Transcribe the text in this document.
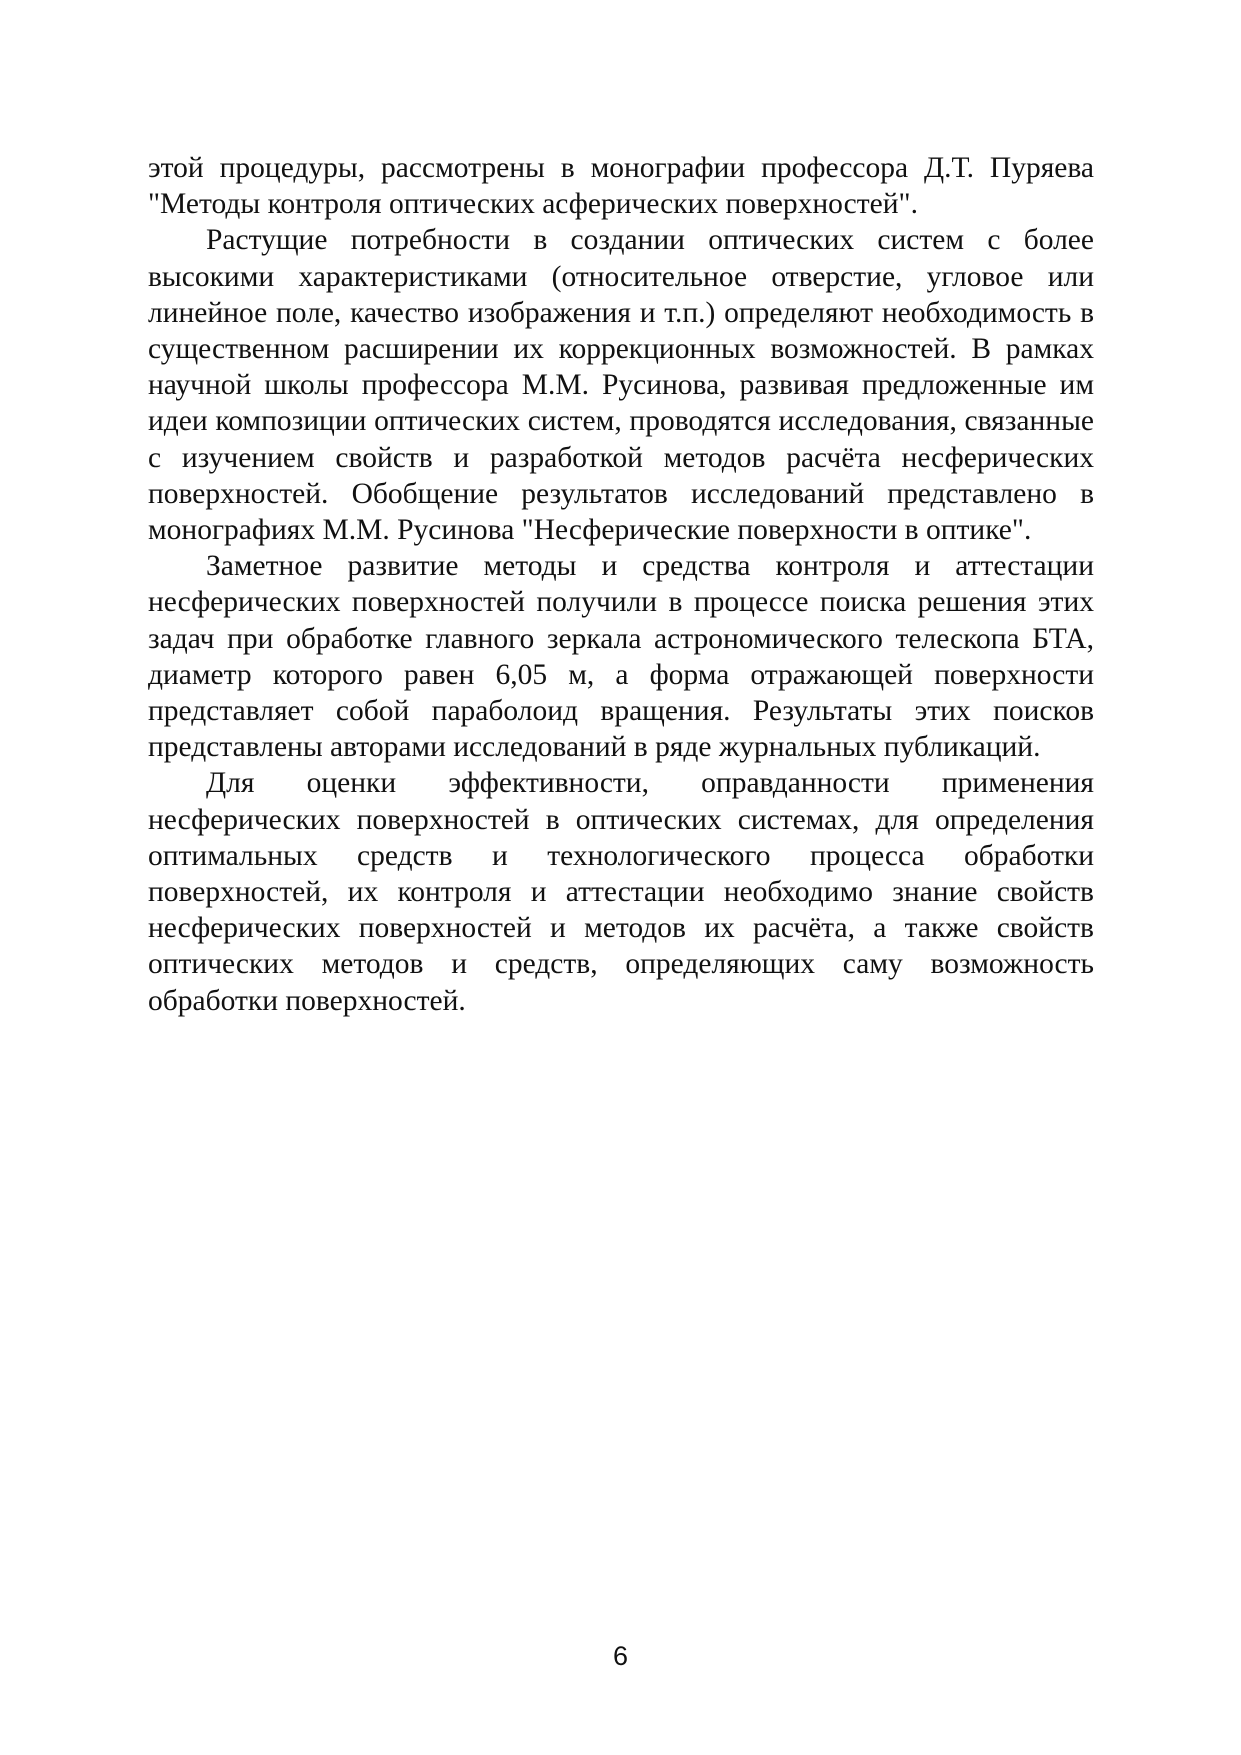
этой процедуры, рассмотрены в монографии профессора Д.Т. Пуряева "Методы контроля оптических асферических поверхностей".

Растущие потребности в создании оптических систем с более высокими характеристиками (относительное отверстие, угловое или линейное поле, качество изображения и т.п.) определяют необходимость в существенном расширении их коррекционных возможностей. В рамках научной школы профессора М.М. Русинова, развивая предложенные им идеи композиции оптических систем, проводятся исследования, связанные с изучением свойств и разработкой методов расчёта несферических поверхностей. Обобщение результатов исследований представлено в монографиях М.М. Русинова "Несферические поверхности в оптике".

Заметное развитие методы и средства контроля и аттестации несферических поверхностей получили в процессе поиска решения этих задач при обработке главного зеркала астрономического телескопа БТА, диаметр которого равен 6,05 м, а форма отражающей поверхности представляет собой параболоид вращения. Результаты этих поисков представлены авторами исследований в ряде журнальных публикаций.

Для оценки эффективности, оправданности применения несферических поверхностей в оптических системах, для определения оптимальных средств и технологического процесса обработки поверхностей, их контроля и аттестации необходимо знание свойств несферических поверхностей и методов их расчёта, а также свойств оптических методов и средств, определяющих саму возможность обработки поверхностей.

6
